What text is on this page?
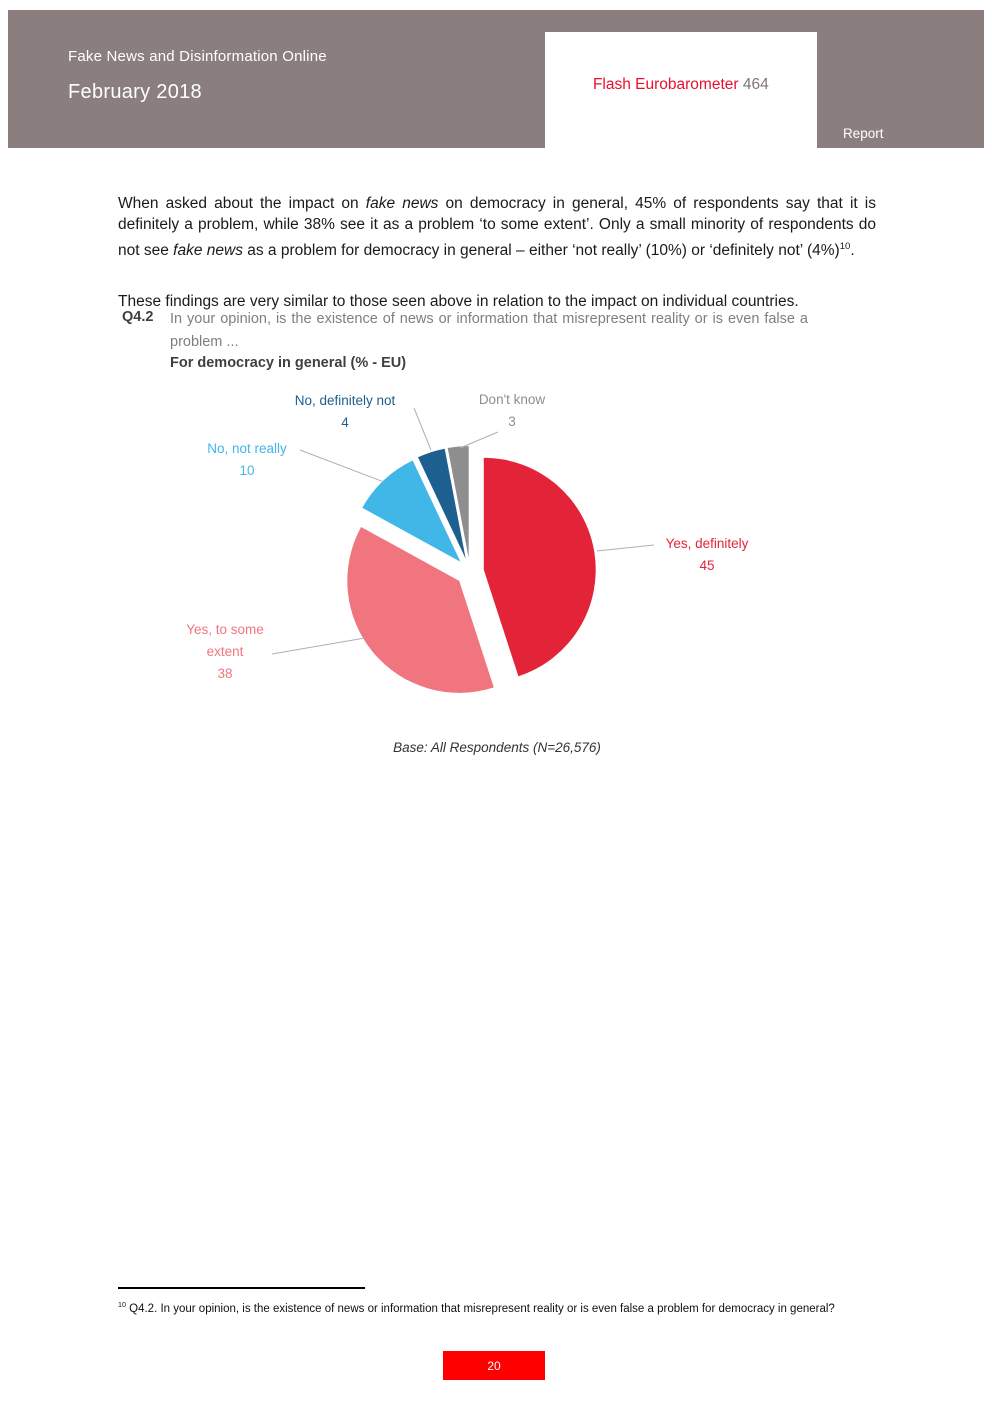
Fake News and Disinformation Online
February 2018	Flash Eurobarometer 464
Report

When asked about the impact on fake news on democracy in general, 45% of respondents say that it is definitely a problem, while 38% see it as a problem ‘to some extent’. Only a small minority of respondents do not see fake news as a problem for democracy in general – either ‘not really’ (10%) or ‘definitely not’ $(4\%)^{10}$.

These findings are very similar to those seen above in relation to the impact on individual countries.

Q4.2 In your opinion, is the existence of news or information that misrepresent reality or is even false a problem ...
For democracy in general (% - EU)
Yes, definitely 45
Yes, to some extent 38
No, not really 10
No, definitely not 4
Don't know 3
Base: All Respondents (N=26,576)
$^{10}$ Q4.2. In your opinion, is the existence of news or information that misrepresent reality or is even false a problem for democracy in general?
20
